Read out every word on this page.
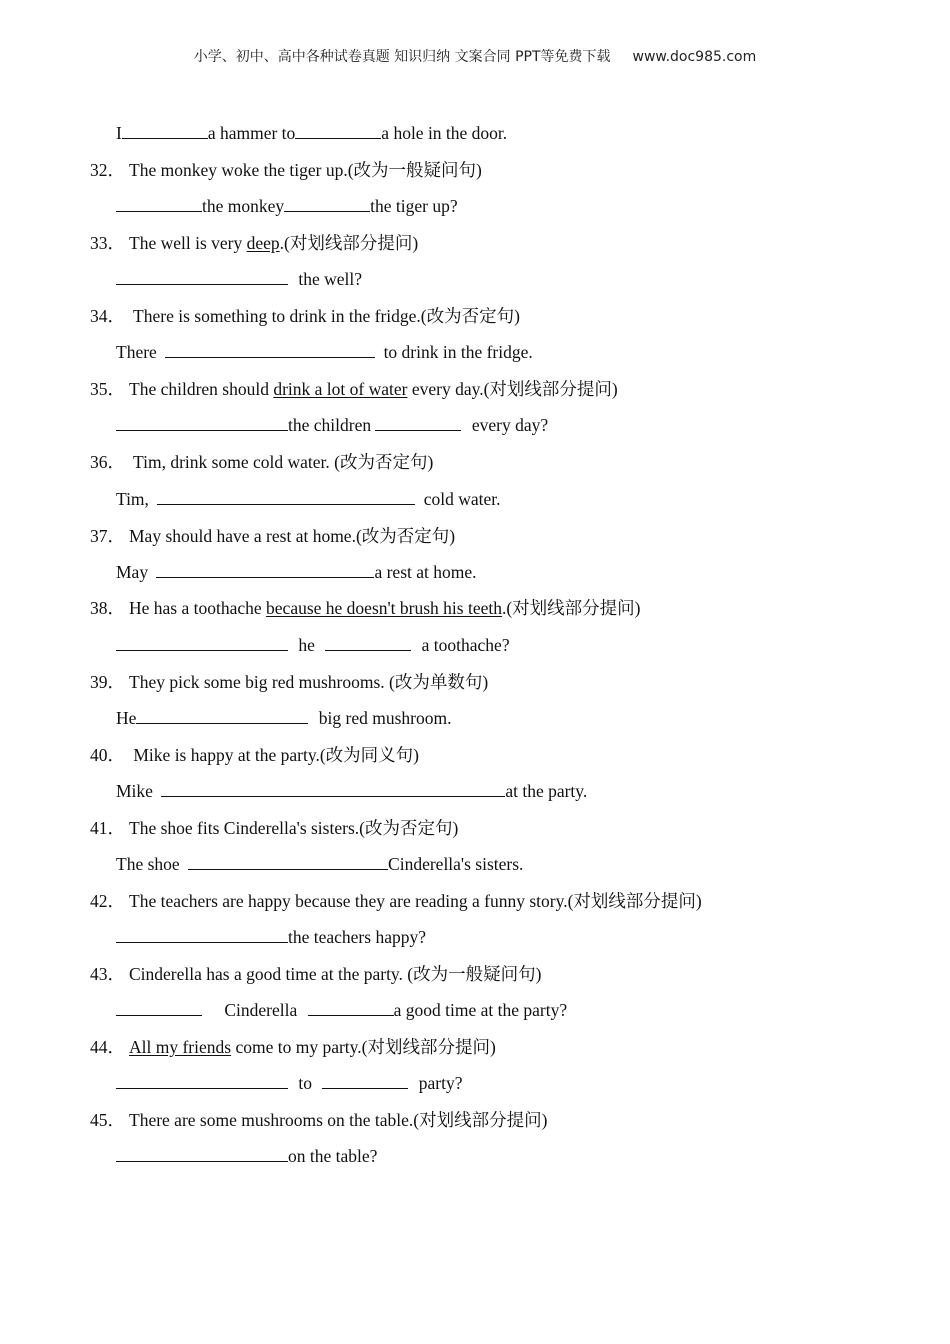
小学、初中、高中各种试卷真题 知识归纳 文案合同 PPT等免费下载 www.doc985.com
I	a hammer to	a hole in the door.
32． The monkey woke the tiger up.(改为一般疑问句)
the monkey	the tiger up?
33． The well is very deep.(对划线部分提问)
the well?
34． There is something to drink in the fridge.(改为否定句)
There	to drink in the fridge.
35． The children should drink a lot of water every day.(对划线部分提问)
the children	every day?
36． Tim, drink some cold water. (改为否定句)
Tim,	cold water.
37． May should have a rest at home.(改为否定句)
May	a rest at home.
38． He has a toothache because he doesn't brush his teeth.(对划线部分提问)
he	a toothache?
39． They pick some big red mushrooms. (改为单数句)
He	big red mushroom.
40． Mike is happy at the party.(改为同义句)
Mike	at the party.
41． The shoe fits Cinderella's sisters.(改为否定句)
The shoe	Cinderella's sisters.
42． The teachers are happy because they are reading a funny story.(对划线部分提问)
the teachers happy?
43． Cinderella has a good time at the party. (改为一般疑问句)
Cinderella	a good time at the party?
44． All my friends come to my party.(对划线部分提问)
to	party?
45． There are some mushrooms on the table.(对划线部分提问)
on the table?
